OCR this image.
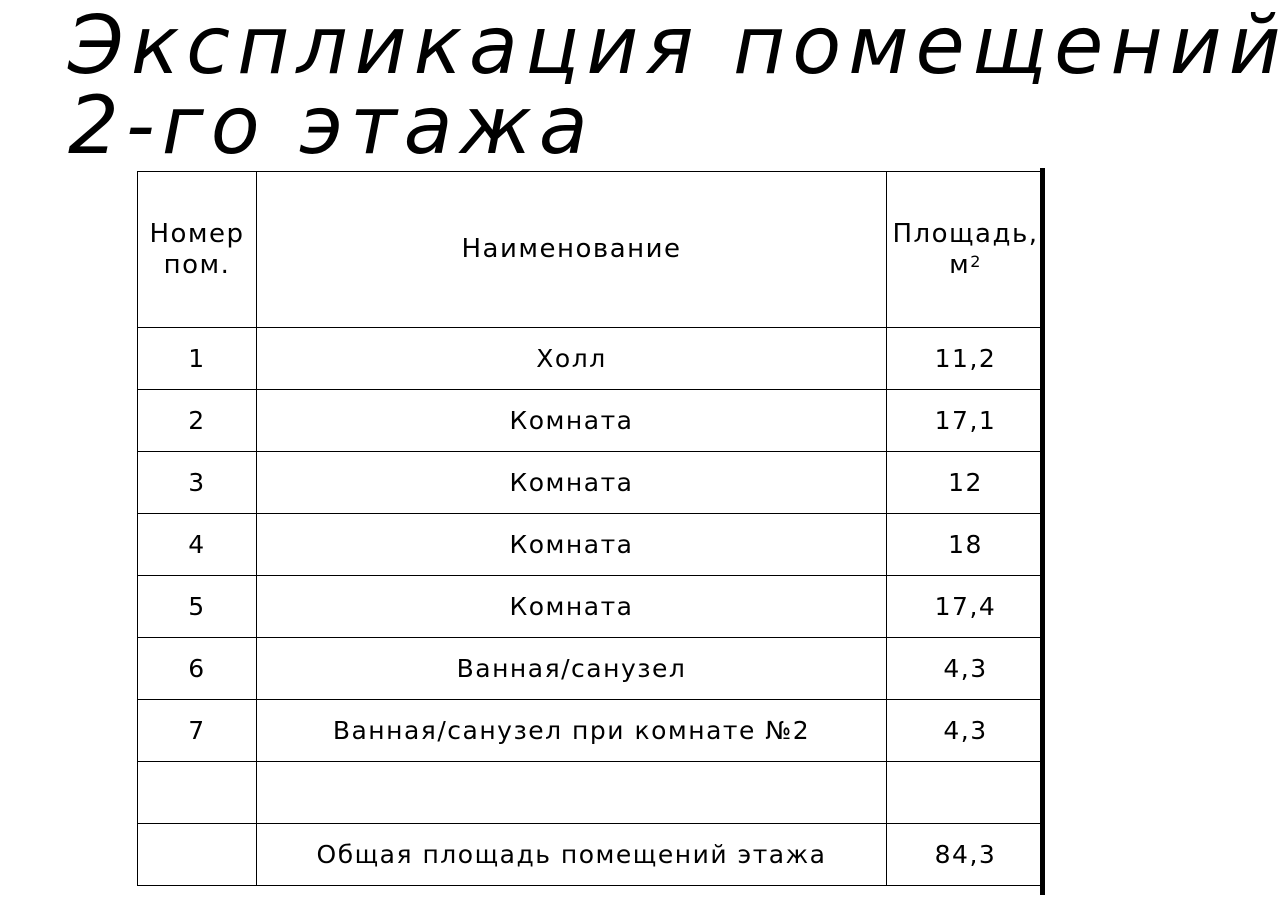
Экспликация помещений
2-го этажа
Номер пом.	Наименование	Площадь, $м^2$
1	Холл	11,2
2	Комната	17,1
3	Комната	12
4	Комната	18
5	Комната	17,4
6	Ванная/санузел	4,3
7	Ванная/санузел при комнате №2	4,3

	Общая площадь помещений этажа	84,3
